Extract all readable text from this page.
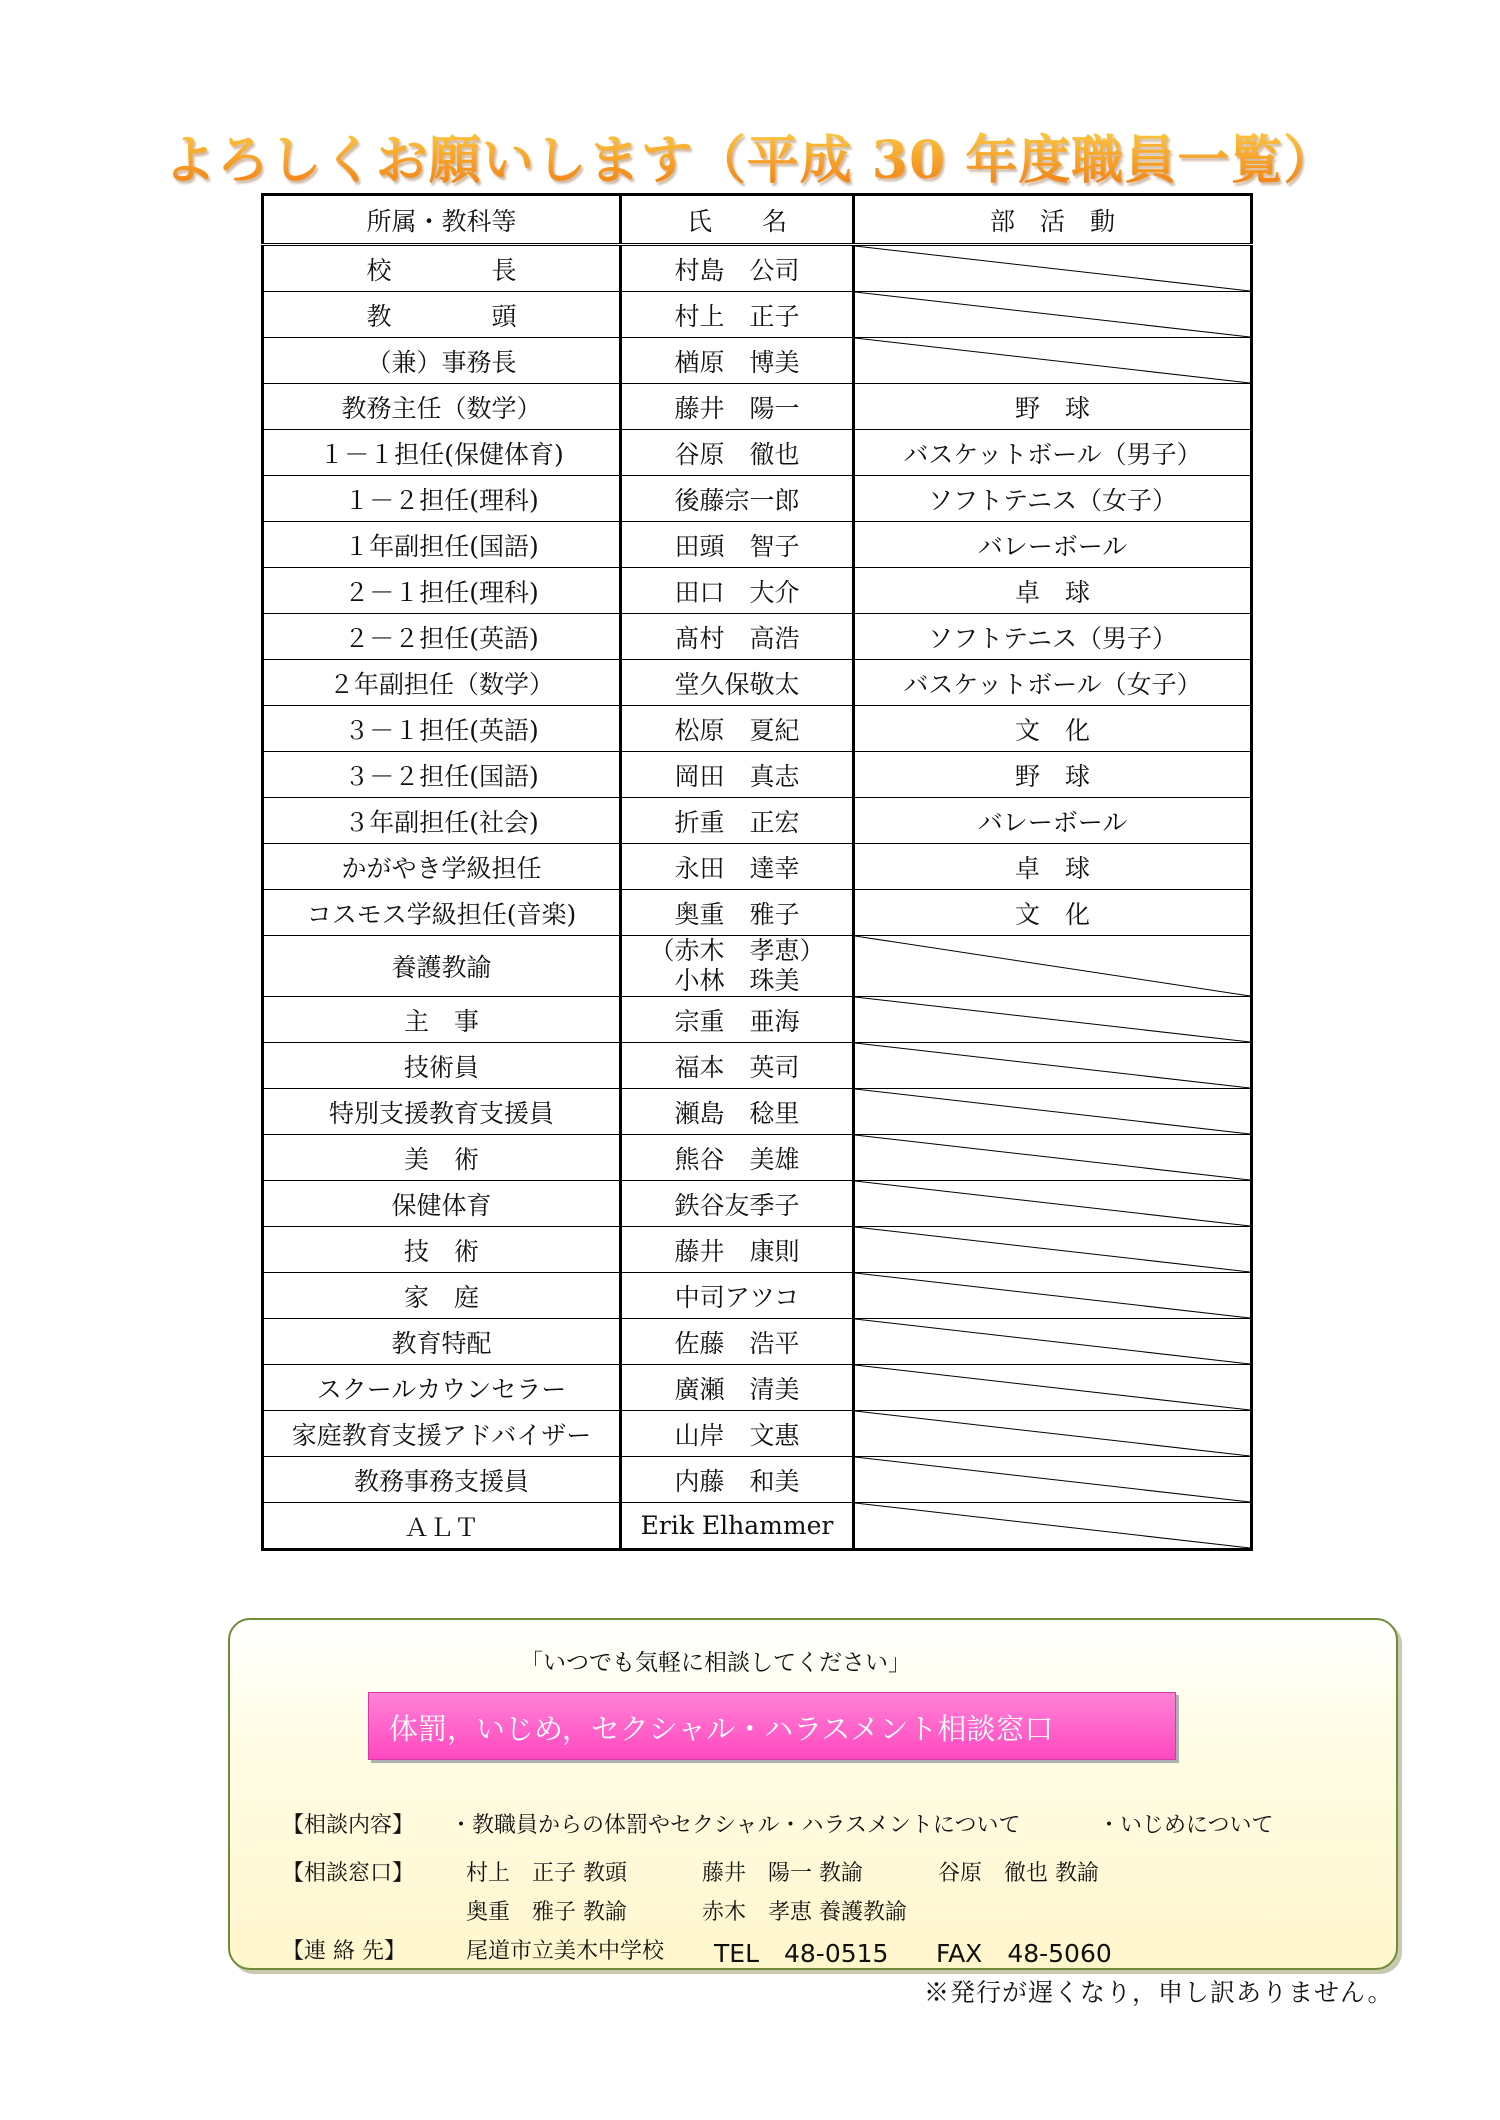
よろしくお願いします（平成 30 年度職員一覧）
所属・教科等	氏　　名	部　活　動
校　　　　長	村島　公司	

教　　　　頭	村上　正子	

（兼）事務長	楢原　博美	

教務主任（数学）	藤井　陽一	野　球
１－１担任(保健体育)	谷原　徹也	バスケットボール（男子）
１－２担任(理科)	後藤宗一郎	ソフトテニス（女子）
１年副担任(国語)	田頭　智子	バレーボール
２－１担任(理科)	田口　大介	卓　球
２－２担任(英語)	髙村　高浩	ソフトテニス（男子）
２年副担任（数学）	堂久保敬太	バスケットボール（女子）
３－１担任(英語)	松原　夏紀	文　化
３－２担任(国語)	岡田　真志	野　球
３年副担任(社会)	折重　正宏	バレーボール
かがやき学級担任	永田　達幸	卓　球
コスモス学級担任(音楽)	奥重　雅子	文　化
養護教諭	（赤木　孝恵）
小林　珠美

主　事	宗重　亜海	

技術員	福本　英司	

特別支援教育支援員	瀬島　稔里	

美　術	熊谷　美雄	

保健体育	鉄谷友季子	

技　術	藤井　康則	

家　庭	中司アツコ	

教育特配	佐藤　浩平	

スクールカウンセラー	廣瀬　清美	

家庭教育支援アドバイザー	山岸　文惠	

教務事務支援員	内藤　和美	

ＡＬＴ	Erik Elhammer	
「いつでも気軽に相談してください」
体罰，いじめ，セクシャル・ハラスメント相談窓口
【相談内容】 ・教職員からの体罰やセクシャル・ハラスメントについて	・いじめについて
【相談窓口】 村上　正子 教頭	藤井　陽一 教諭	谷原　徹也 教諭
奥重　雅子 教諭	赤木　孝恵 養護教諭
【連 絡 先】	尾道市立美木中学校 TEL　48-0515 FAX　48-5060
※発行が遅くなり，申し訳ありません。
